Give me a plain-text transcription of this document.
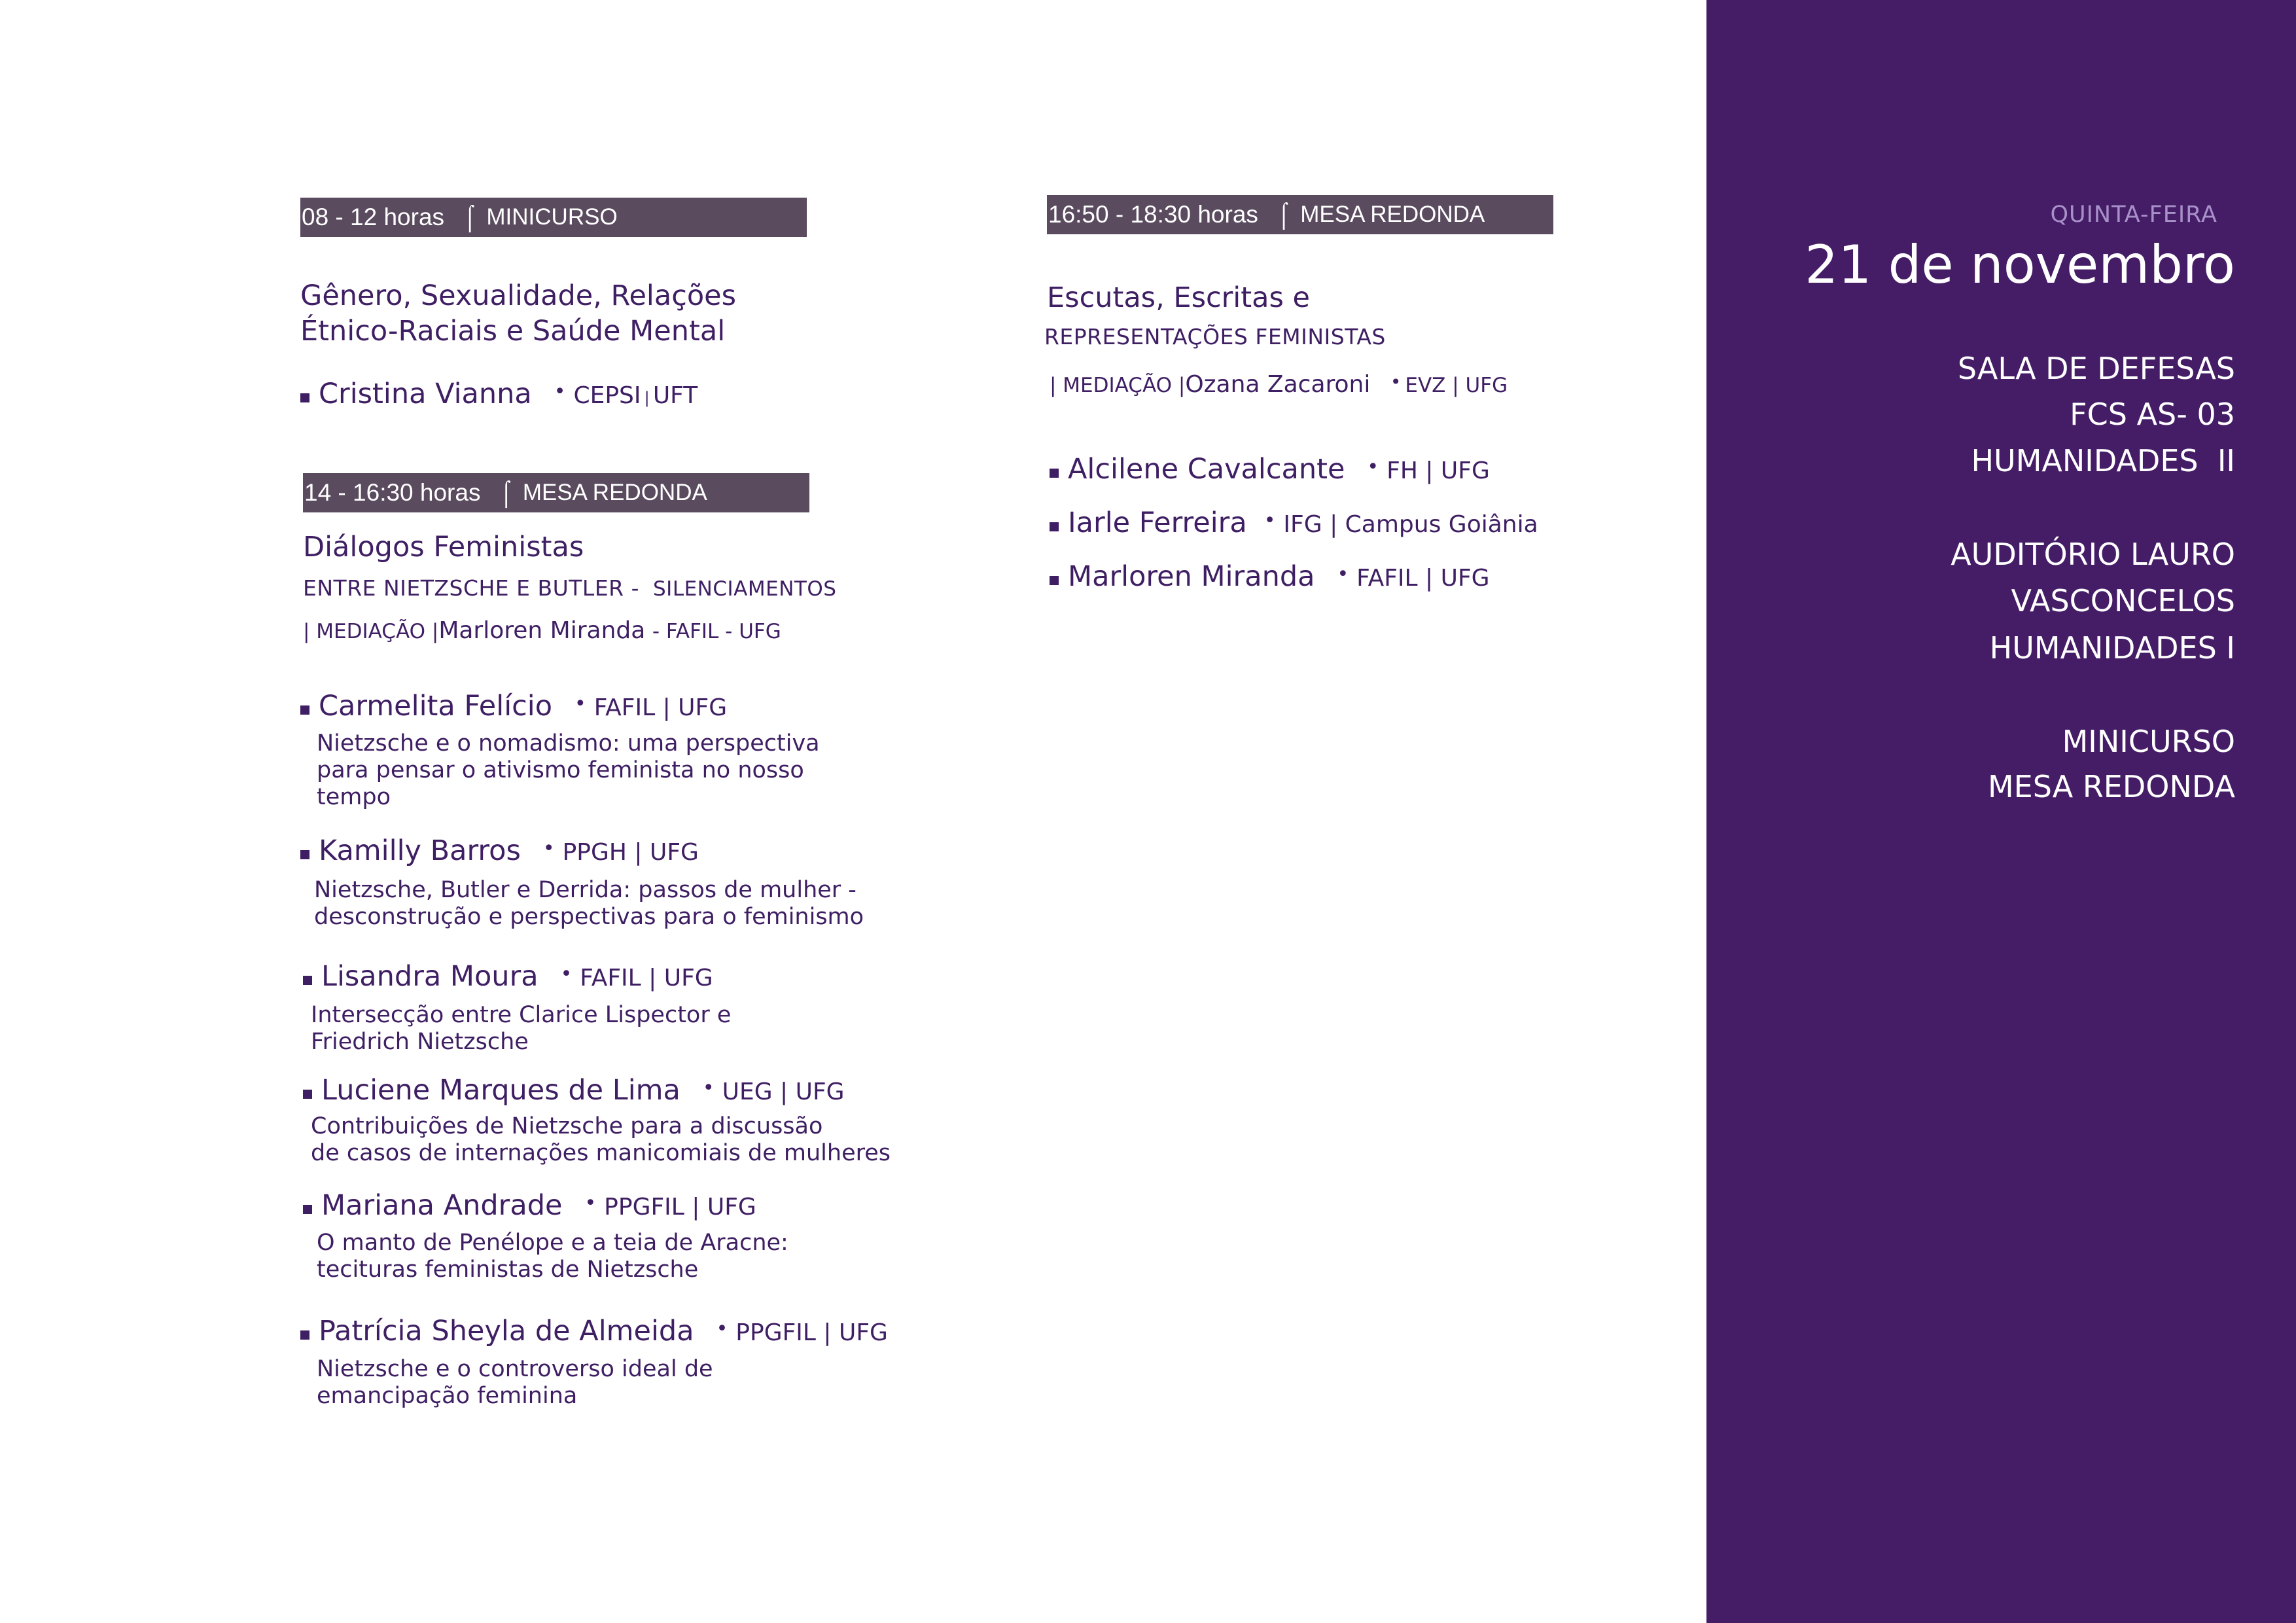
08 - 12 horas ⌠ MINICURSO
Gênero, Sexualidade, Relações
Étnico-Raciais e Saúde Mental
Cristina Vianna • CEPSI | UFT
14 - 16:30 horas ⌠ MESA REDONDA
Diálogos Feministas
ENTRE NIETZSCHE E BUTLER - SILENCIAMENTOS
| MEDIAÇÃO |Marloren Miranda - FAFIL - UFG
Carmelita Felício • FAFIL | UFG
Nietzsche e o nomadismo: uma perspectiva
para pensar o ativismo feminista no nosso
tempo
Kamilly Barros • PPGH | UFG
Nietzsche, Butler e Derrida: passos de mulher -
desconstrução e perspectivas para o feminismo
Lisandra Moura • FAFIL | UFG
Intersecção entre Clarice Lispector e
Friedrich Nietzsche
Luciene Marques de Lima • UEG | UFG
Contribuições de Nietzsche para a discussão
de casos de internações manicomiais de mulheres
Mariana Andrade • PPGFIL | UFG
O manto de Penélope e a teia de Aracne:
tecituras feministas de Nietzsche
Patrícia Sheyla de Almeida • PPGFIL | UFG
Nietzsche e o controverso ideal de
emancipação feminina
16:50 - 18:30 horas ⌠ MESA REDONDA
Escutas, Escritas e
REPRESENTAÇÕES FEMINISTAS
| MEDIAÇÃO |Ozana Zacaroni • EVZ | UFG
Alcilene Cavalcante • FH | UFG
Iarle Ferreira • IFG | Campus Goiânia
Marloren Miranda • FAFIL | UFG
QUINTA-FEIRA
21 de novembro
SALA DE DEFESAS
FCS AS- 03
HUMANIDADES  II
AUDITÓRIO LAURO
VASCONCELOS
HUMANIDADES I
MINICURSO
MESA REDONDA
